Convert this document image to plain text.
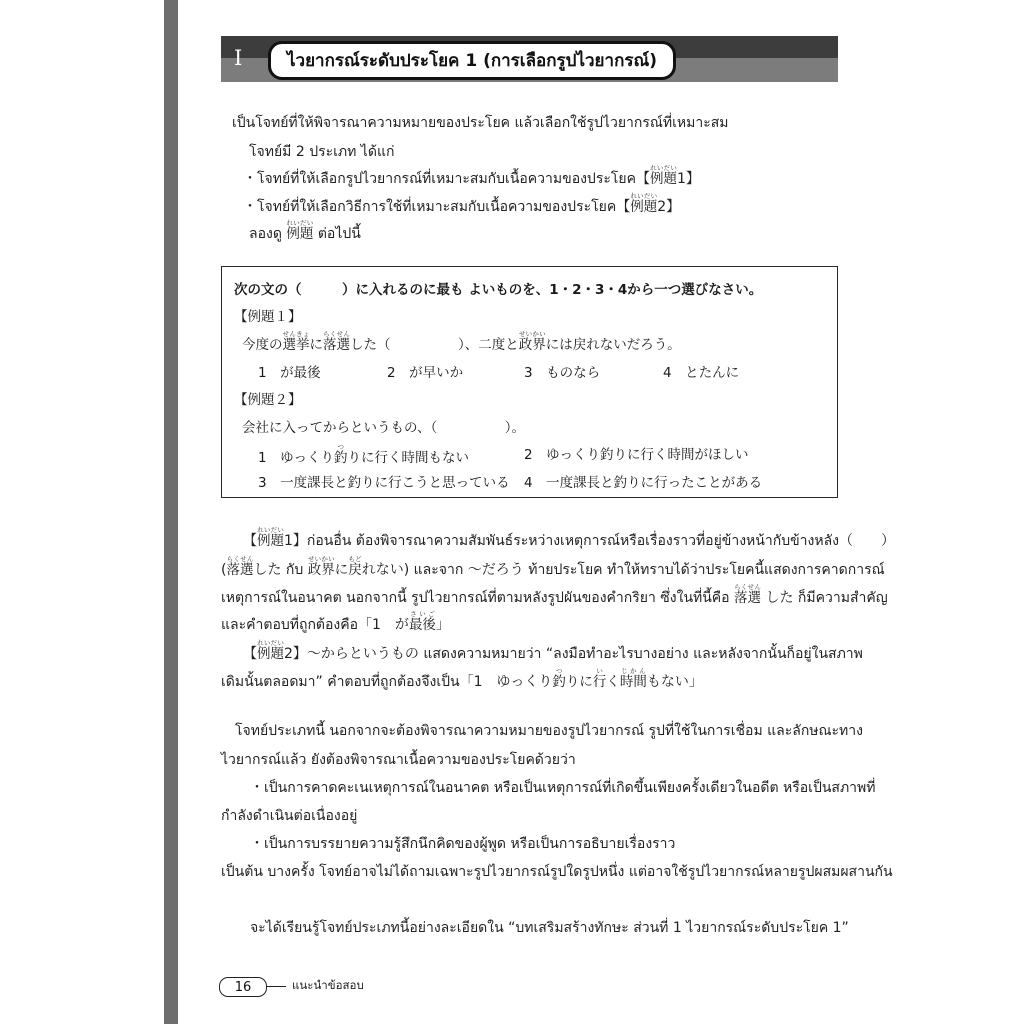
I	ไวยากรณ์ระดับประโยค 1 (การเลือกรูปไวยากรณ์)
เป็นโจทย์ที่ให้พิจารณาความหมายของประโยค แล้วเลือกใช้รูปไวยากรณ์ที่เหมาะสม
โจทย์มี 2 ประเภท ได้แก่
・โจทย์ที่ให้เลือกรูปไวยากรณ์ที่เหมาะสมกับเนื้อความของประโยค【例題れいだい1】
・โจทย์ที่ให้เลือกวิธีการใช้ที่เหมาะสมกับเนื้อความของประโยค【例題れいだい2】
ลองดู 例題れいだい ต่อไปนี้
次の文の（　　　）に入れるのに最も よいものを、1・2・3・4から一つ選びなさい。
【例題１】
今度の選挙せんきょに落選らくせんした（　　　　　）、二度と政界せいかいには戻れないだろう。
1　が最後	2　が早いか	3　ものなら	4　とたんに
【例題２】
会社に入ってからというもの、（　　　　　）。
1　ゆっくり釣つりに行く時間もない	2　ゆっくり釣りに行く時間がほしい
3　一度課長と釣りに行こうと思っている 4　一度課長と釣りに行ったことがある
【例題れいだい1】ก่อนอื่น ต้องพิจารณาความสัมพันธ์ระหว่างเหตุการณ์หรือเรื่องราวที่อยู่ข้างหน้ากับข้างหลัง（　　）
(落選らくせんした กับ 政界せいかいに戻もどれない) และจาก 〜だろう ท้ายประโยค ทำให้ทราบได้ว่าประโยคนี้แสดงการคาดการณ์
เหตุการณ์ในอนาคต นอกจากนี้ รูปไวยากรณ์ที่ตามหลังรูปผันของคำกริยา ซึ่งในที่นี้คือ 落選らくせん した ก็มีความสำคัญ
และคำตอบที่ถูกต้องคือ「1　が最後さいご」
【例題れいだい2】〜からというもの แสดงความหมายว่า “ลงมือทำอะไรบางอย่าง และหลังจากนั้นก็อยู่ในสภาพ
เดิมนั้นตลอดมา” คำตอบที่ถูกต้องจึงเป็น「1　ゆっくり釣つりに行いく時間じかんもない」
　โจทย์ประเภทนี้ นอกจากจะต้องพิจารณาความหมายของรูปไวยากรณ์ รูปที่ใช้ในการเชื่อม และลักษณะทาง
ไวยากรณ์แล้ว ยังต้องพิจารณาเนื้อความของประโยคด้วยว่า
・เป็นการคาดคะเนเหตุการณ์ในอนาคต หรือเป็นเหตุการณ์ที่เกิดขึ้นเพียงครั้งเดียวในอดีต หรือเป็นสภาพที่
กำลังดำเนินต่อเนื่องอยู่
・เป็นการบรรยายความรู้สึกนึกคิดของผู้พูด หรือเป็นการอธิบายเรื่องราว
เป็นต้น บางครั้ง โจทย์อาจไม่ได้ถามเฉพาะรูปไวยากรณ์รูปใดรูปหนึ่ง แต่อาจใช้รูปไวยากรณ์หลายรูปผสมผสานกัน
จะได้เรียนรู้โจทย์ประเภทนี้อย่างละเอียดใน “บทเสริมสร้างทักษะ ส่วนที่ 1 ไวยากรณ์ระดับประโยค 1”
16	แนะนำข้อสอบ
